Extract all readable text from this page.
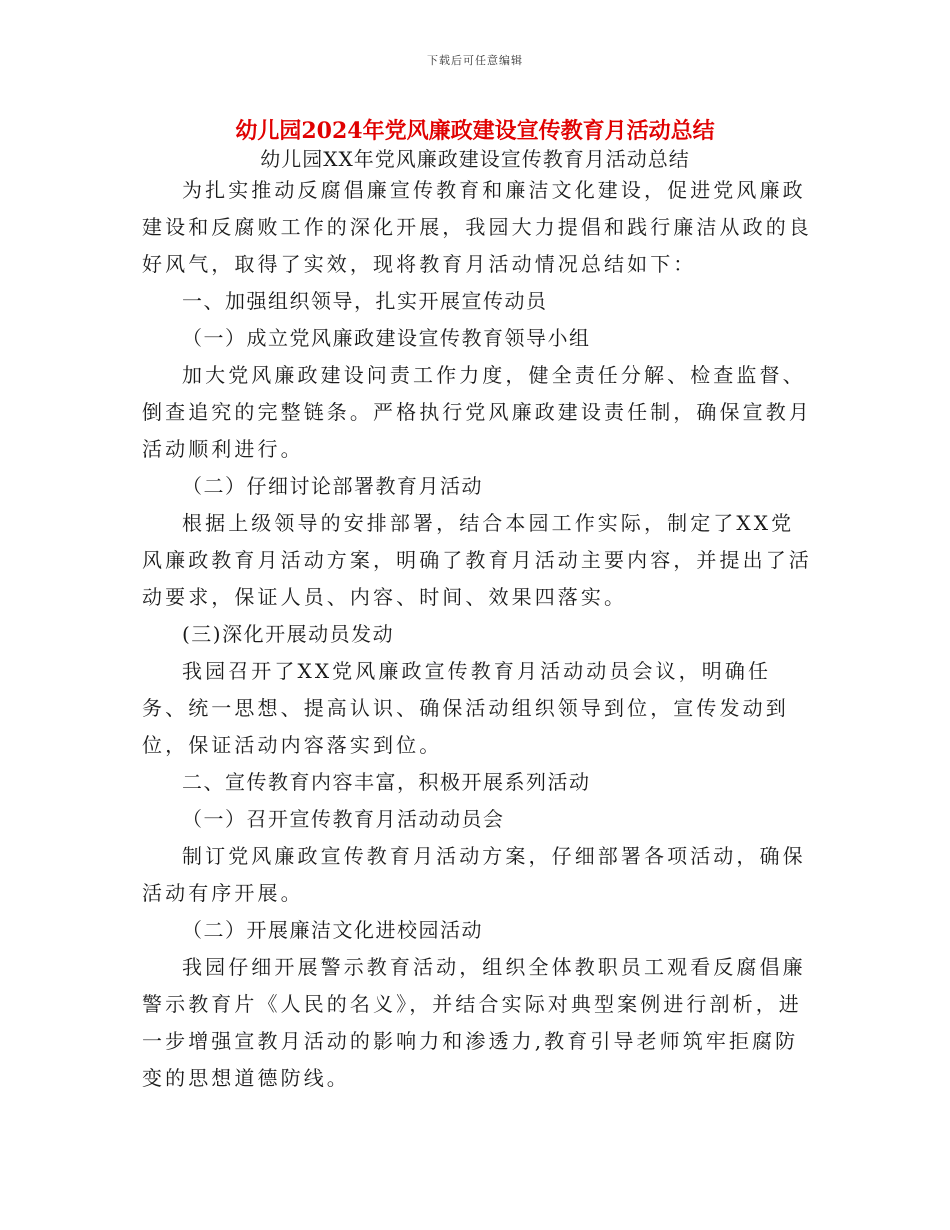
下载后可任意编辑
幼儿园2024年党风廉政建设宣传教育月活动总结
幼儿园XX年党风廉政建设宣传教育月活动总结

为扎实推动反腐倡廉宣传教育和廉洁文化建设，促进党风廉政建设和反腐败工作的深化开展，我园大力提倡和践行廉洁从政的良好风气，取得了实效，现将教育月活动情况总结如下：

一、加强组织领导，扎实开展宣传动员

（一）成立党风廉政建设宣传教育领导小组

加大党风廉政建设问责工作力度，健全责任分解、检查监督、倒查追究的完整链条。严格执行党风廉政建设责任制，确保宣教月活动顺利进行。

（二）仔细讨论部署教育月活动

根据上级领导的安排部署，结合本园工作实际，制定了XX党风廉政教育月活动方案，明确了教育月活动主要内容，并提出了活动要求，保证人员、内容、时间、效果四落实。

(三)深化开展动员发动

我园召开了XX党风廉政宣传教育月活动动员会议，明确任务、统一思想、提高认识、确保活动组织领导到位，宣传发动到位，保证活动内容落实到位。

二、宣传教育内容丰富，积极开展系列活动

（一）召开宣传教育月活动动员会

制订党风廉政宣传教育月活动方案，仔细部署各项活动，确保活动有序开展。

（二）开展廉洁文化进校园活动

我园仔细开展警示教育活动，组织全体教职员工观看反腐倡廉警示教育片《人民的名义》，并结合实际对典型案例进行剖析，进一步增强宣教月活动的影响力和渗透力,教育引导老师筑牢拒腐防变的思想道德防线。
